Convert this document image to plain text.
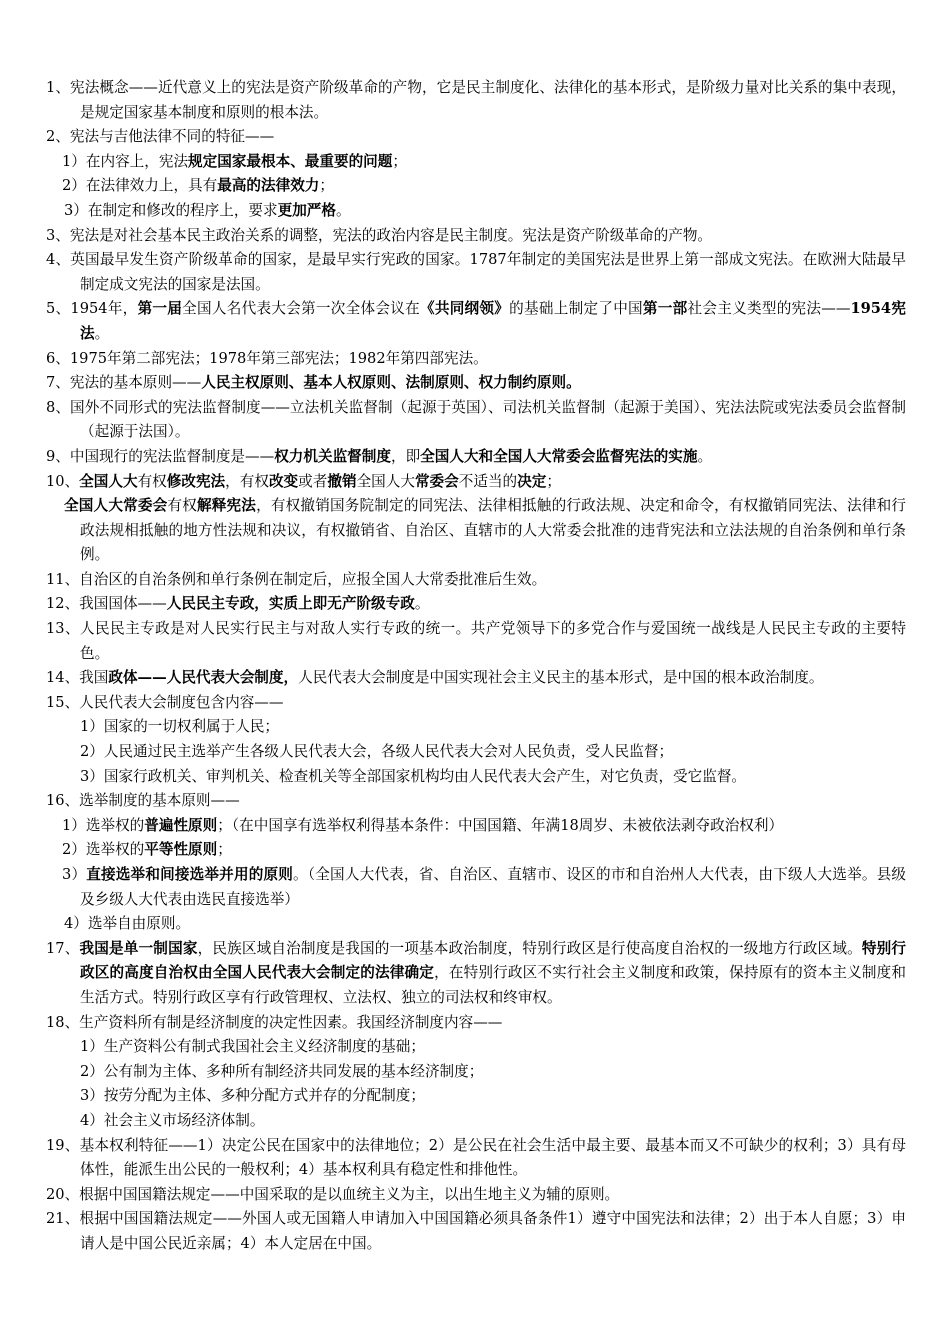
1、宪法概念——近代意义上的宪法是资产阶级革命的产物，它是民主制度化、法律化的基本形式，是阶级力量对比关系的集中表现，是规定国家基本制度和原则的根本法。

2、宪法与吉他法律不同的特征——

1）在内容上，宪法规定国家最根本、最重要的问题；

2）在法律效力上，具有最高的法律效力；

3）在制定和修改的程序上，要求更加严格。

3、宪法是对社会基本民主政治关系的调整，宪法的政治内容是民主制度。宪法是资产阶级革命的产物。

4、英国最早发生资产阶级革命的国家，是最早实行宪政的国家。1787年制定的美国宪法是世界上第一部成文宪法。在欧洲大陆最早制定成文宪法的国家是法国。

5、1954年，第一届全国人名代表大会第一次全体会议在《共同纲领》的基础上制定了中国第一部社会主义类型的宪法——1954宪法。

6、1975年第二部宪法；1978年第三部宪法；1982年第四部宪法。

7、宪法的基本原则——人民主权原则、基本人权原则、法制原则、权力制约原则。

8、国外不同形式的宪法监督制度——立法机关监督制（起源于英国）、司法机关监督制（起源于美国）、宪法法院或宪法委员会监督制（起源于法国）。

9、中国现行的宪法监督制度是——权力机关监督制度，即全国人大和全国人大常委会监督宪法的实施。

10、全国人大有权修改宪法，有权改变或者撤销全国人大常委会不适当的决定；

全国人大常委会有权解释宪法，有权撤销国务院制定的同宪法、法律相抵触的行政法规、决定和命令，有权撤销同宪法、法律和行政法规相抵触的地方性法规和决议，有权撤销省、自治区、直辖市的人大常委会批准的违背宪法和立法法规的自治条例和单行条例。

11、自治区的自治条例和单行条例在制定后，应报全国人大常委批准后生效。

12、我国国体——人民民主专政，实质上即无产阶级专政。

13、人民民主专政是对人民实行民主与对敌人实行专政的统一。共产党领导下的多党合作与爱国统一战线是人民民主专政的主要特色。

14、我国政体——人民代表大会制度，人民代表大会制度是中国实现社会主义民主的基本形式，是中国的根本政治制度。

15、人民代表大会制度包含内容——

1）国家的一切权利属于人民；

2）人民通过民主选举产生各级人民代表大会，各级人民代表大会对人民负责，受人民监督；

3）国家行政机关、审判机关、检查机关等全部国家机构均由人民代表大会产生，对它负责，受它监督。

16、选举制度的基本原则——

1）选举权的普遍性原则；（在中国享有选举权利得基本条件：中国国籍、年满18周岁、未被依法剥夺政治权利）

2）选举权的平等性原则；

3）直接选举和间接选举并用的原则。（全国人大代表，省、自治区、直辖市、设区的市和自治州人大代表，由下级人大选举。县级及乡级人大代表由选民直接选举）

4）选举自由原则。

17、我国是单一制国家，民族区域自治制度是我国的一项基本政治制度，特别行政区是行使高度自治权的一级地方行政区域。特别行政区的高度自治权由全国人民代表大会制定的法律确定，在特别行政区不实行社会主义制度和政策，保持原有的资本主义制度和生活方式。特别行政区享有行政管理权、立法权、独立的司法权和终审权。

18、生产资料所有制是经济制度的决定性因素。我国经济制度内容——

1）生产资料公有制式我国社会主义经济制度的基础；

2）公有制为主体、多种所有制经济共同发展的基本经济制度；

3）按劳分配为主体、多种分配方式并存的分配制度；

4）社会主义市场经济体制。

19、基本权利特征——1）决定公民在国家中的法律地位；2）是公民在社会生活中最主要、最基本而又不可缺少的权利；3）具有母体性，能派生出公民的一般权利；4）基本权利具有稳定性和排他性。

20、根据中国国籍法规定——中国采取的是以血统主义为主，以出生地主义为辅的原则。

21、根据中国国籍法规定——外国人或无国籍人申请加入中国国籍必须具备条件1）遵守中国宪法和法律；2）出于本人自愿；3）申请人是中国公民近亲属；4）本人定居在中国。
